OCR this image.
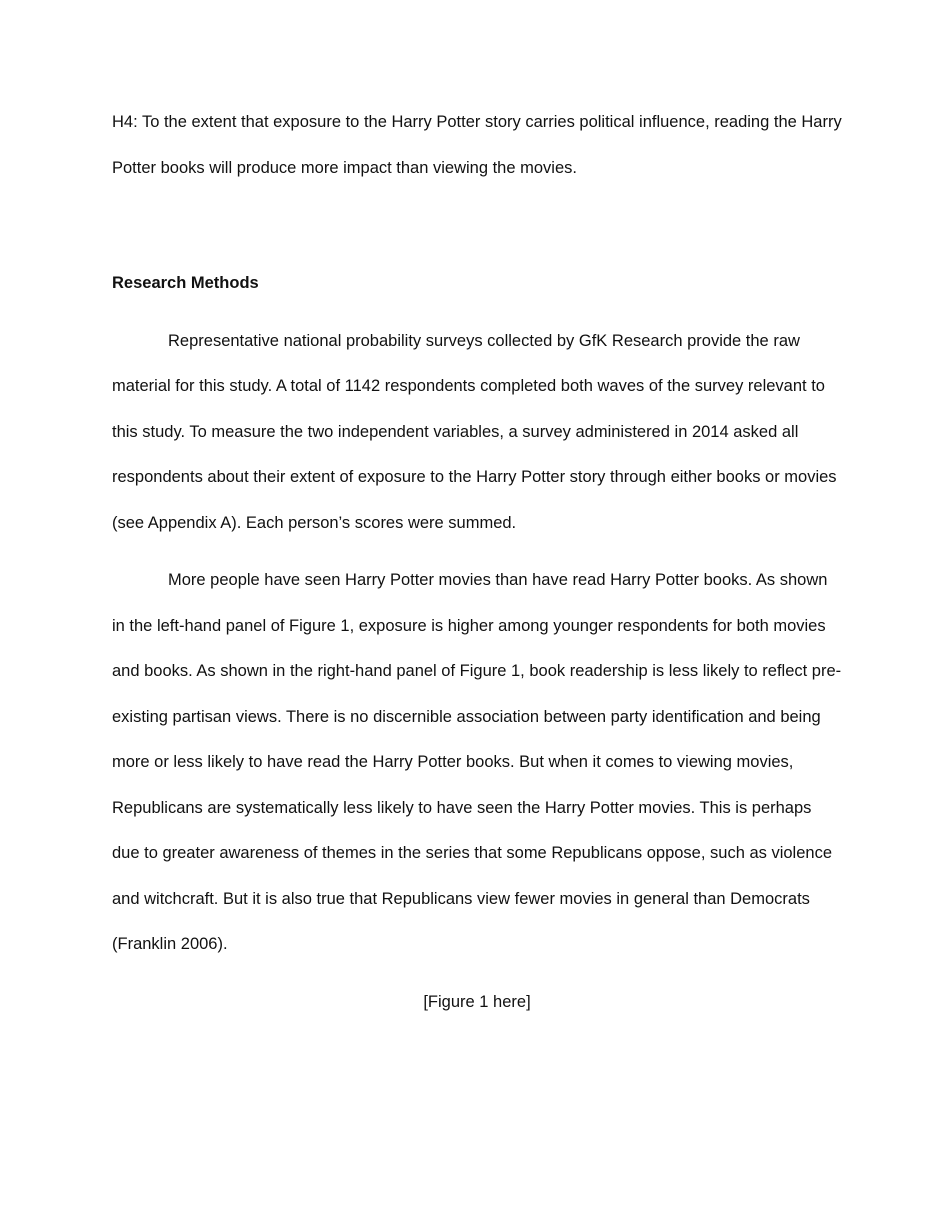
H4: To the extent that exposure to the Harry Potter story carries political influence, reading the Harry Potter books will produce more impact than viewing the movies.

Research Methods

Representative national probability surveys collected by GfK Research provide the raw material for this study. A total of 1142 respondents completed both waves of the survey relevant to this study. To measure the two independent variables, a survey administered in 2014 asked all respondents about their extent of exposure to the Harry Potter story through either books or movies (see Appendix A). Each person’s scores were summed.

More people have seen Harry Potter movies than have read Harry Potter books. As shown in the left-hand panel of Figure 1, exposure is higher among younger respondents for both movies and books. As shown in the right-hand panel of Figure 1, book readership is less likely to reflect pre-existing partisan views. There is no discernible association between party identification and being more or less likely to have read the Harry Potter books. But when it comes to viewing movies, Republicans are systematically less likely to have seen the Harry Potter movies. This is perhaps due to greater awareness of themes in the series that some Republicans oppose, such as violence and witchcraft. But it is also true that Republicans view fewer movies in general than Democrats (Franklin 2006).

[Figure 1 here]
